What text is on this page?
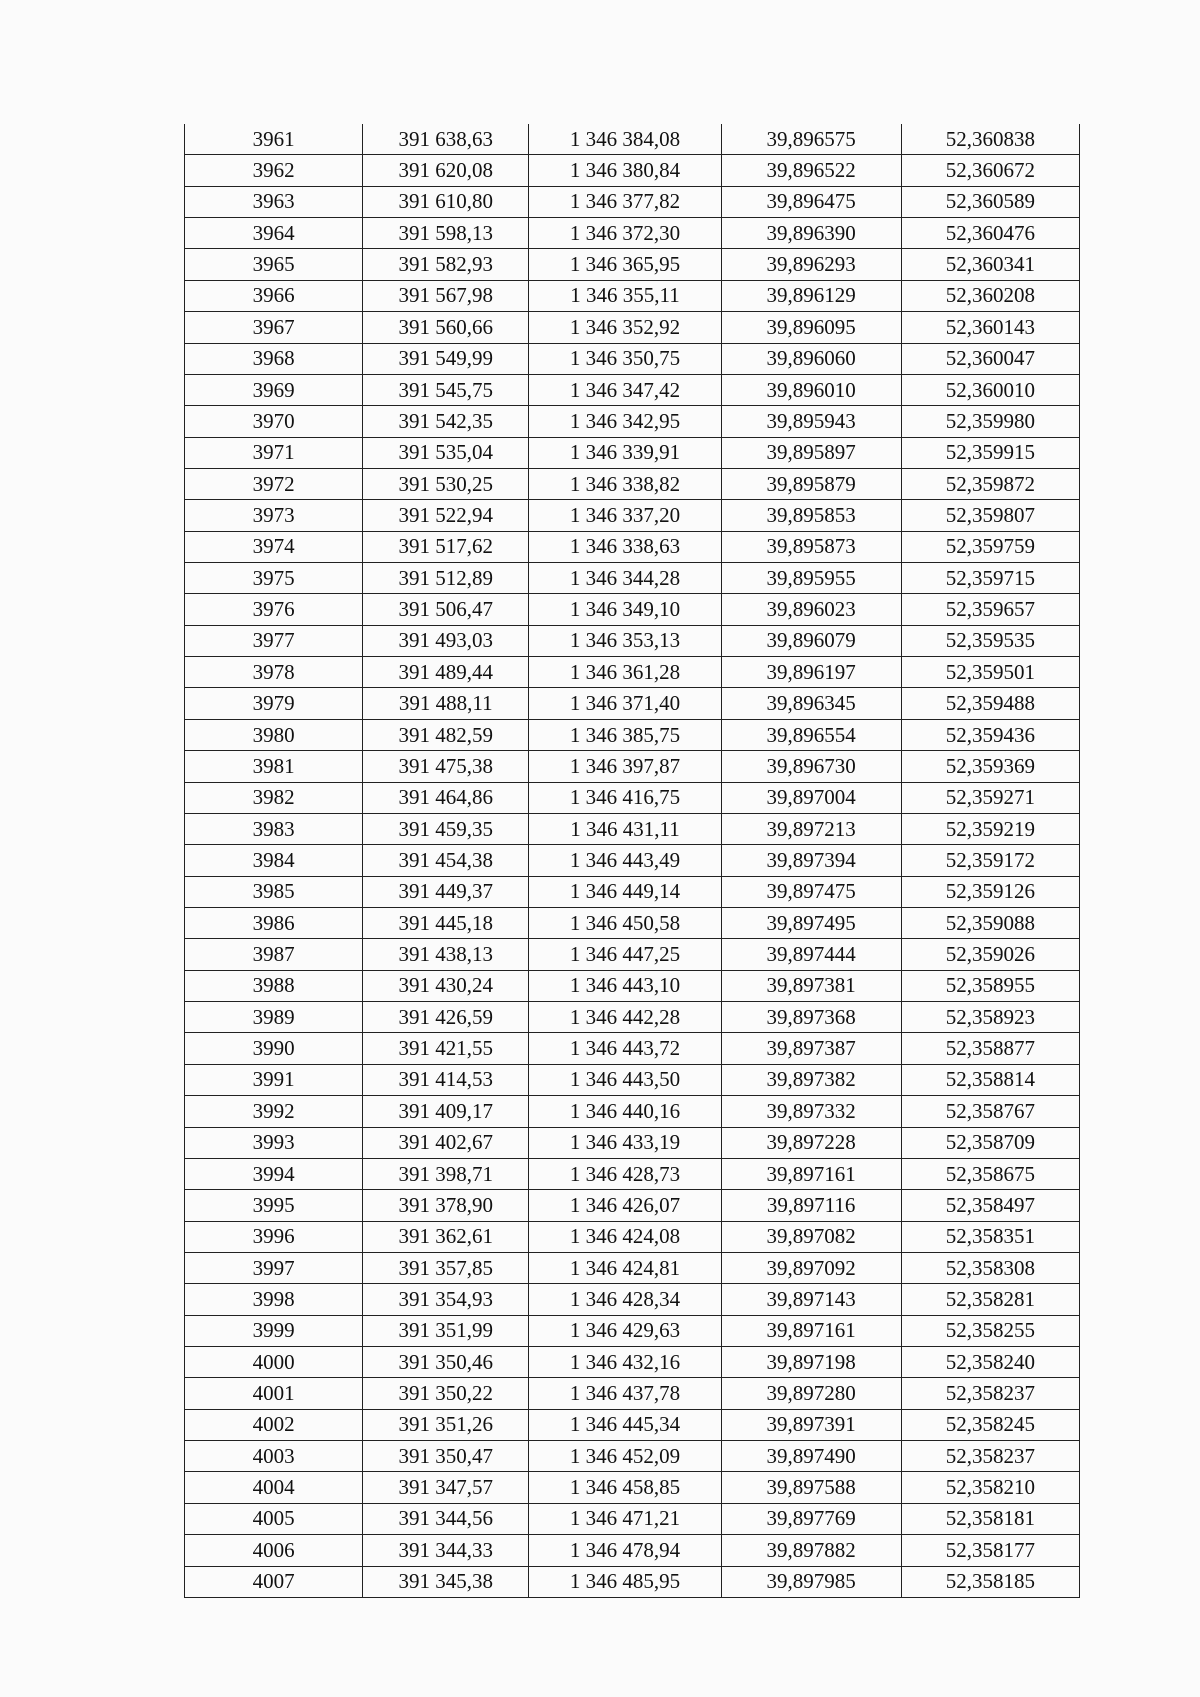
3961	391 638,63	1 346 384,08	39,896575	52,360838
3962	391 620,08	1 346 380,84	39,896522	52,360672
3963	391 610,80	1 346 377,82	39,896475	52,360589
3964	391 598,13	1 346 372,30	39,896390	52,360476
3965	391 582,93	1 346 365,95	39,896293	52,360341
3966	391 567,98	1 346 355,11	39,896129	52,360208
3967	391 560,66	1 346 352,92	39,896095	52,360143
3968	391 549,99	1 346 350,75	39,896060	52,360047
3969	391 545,75	1 346 347,42	39,896010	52,360010
3970	391 542,35	1 346 342,95	39,895943	52,359980
3971	391 535,04	1 346 339,91	39,895897	52,359915
3972	391 530,25	1 346 338,82	39,895879	52,359872
3973	391 522,94	1 346 337,20	39,895853	52,359807
3974	391 517,62	1 346 338,63	39,895873	52,359759
3975	391 512,89	1 346 344,28	39,895955	52,359715
3976	391 506,47	1 346 349,10	39,896023	52,359657
3977	391 493,03	1 346 353,13	39,896079	52,359535
3978	391 489,44	1 346 361,28	39,896197	52,359501
3979	391 488,11	1 346 371,40	39,896345	52,359488
3980	391 482,59	1 346 385,75	39,896554	52,359436
3981	391 475,38	1 346 397,87	39,896730	52,359369
3982	391 464,86	1 346 416,75	39,897004	52,359271
3983	391 459,35	1 346 431,11	39,897213	52,359219
3984	391 454,38	1 346 443,49	39,897394	52,359172
3985	391 449,37	1 346 449,14	39,897475	52,359126
3986	391 445,18	1 346 450,58	39,897495	52,359088
3987	391 438,13	1 346 447,25	39,897444	52,359026
3988	391 430,24	1 346 443,10	39,897381	52,358955
3989	391 426,59	1 346 442,28	39,897368	52,358923
3990	391 421,55	1 346 443,72	39,897387	52,358877
3991	391 414,53	1 346 443,50	39,897382	52,358814
3992	391 409,17	1 346 440,16	39,897332	52,358767
3993	391 402,67	1 346 433,19	39,897228	52,358709
3994	391 398,71	1 346 428,73	39,897161	52,358675
3995	391 378,90	1 346 426,07	39,897116	52,358497
3996	391 362,61	1 346 424,08	39,897082	52,358351
3997	391 357,85	1 346 424,81	39,897092	52,358308
3998	391 354,93	1 346 428,34	39,897143	52,358281
3999	391 351,99	1 346 429,63	39,897161	52,358255
4000	391 350,46	1 346 432,16	39,897198	52,358240
4001	391 350,22	1 346 437,78	39,897280	52,358237
4002	391 351,26	1 346 445,34	39,897391	52,358245
4003	391 350,47	1 346 452,09	39,897490	52,358237
4004	391 347,57	1 346 458,85	39,897588	52,358210
4005	391 344,56	1 346 471,21	39,897769	52,358181
4006	391 344,33	1 346 478,94	39,897882	52,358177
4007	391 345,38	1 346 485,95	39,897985	52,358185
